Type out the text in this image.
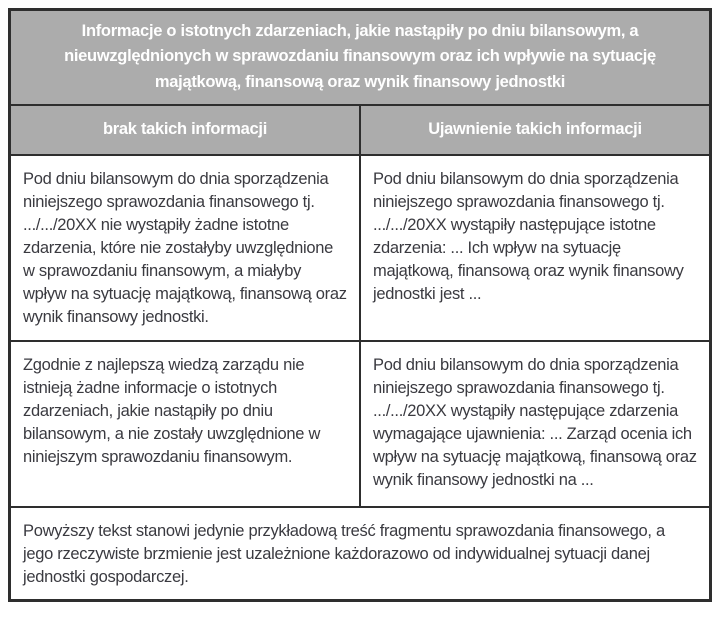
Informacje o istotnych zdarzeniach, jakie nastąpiły po dniu bilansowym, a nieuwzględnionych w sprawozdaniu finansowym oraz ich wpływie na sytuację majątkową, finansową oraz wynik finansowy jednostki	
brak takich informacji	Ujawnienie takich informacji
Pod dniu bilansowym do dnia sporządzenia niniejszego sprawozdania finansowego tj. .../.../20XX nie wystąpiły żadne istotne zdarzenia, które nie zostałyby uwzględnione w sprawozdaniu finansowym, a miałyby wpływ na sytuację majątkową, finansową oraz wynik finansowy jednostki.	Pod dniu bilansowym do dnia sporządzenia niniejszego sprawozdania finansowego tj. .../.../20XX wystąpiły następujące istotne zdarzenia: ... Ich wpływ na sytuację majątkową, finansową oraz wynik finansowy jednostki jest ...
Zgodnie z najlepszą wiedzą zarządu nie istnieją żadne informacje o istotnych zdarzeniach, jakie nastąpiły po dniu bilansowym, a nie zostały uwzględnione w niniejszym sprawozdaniu finansowym.	Pod dniu bilansowym do dnia sporządzenia niniejszego sprawozdania finansowego tj. .../.../20XX wystąpiły następujące zdarzenia wymagające ujawnienia: ... Zarząd ocenia ich wpływ na sytuację majątkową, finansową oraz wynik finansowy jednostki na ...
Powyższy tekst stanowi jedynie przykładową treść fragmentu sprawozdania finansowego, a jego rzeczywiste brzmienie jest uzależnione każdorazowo od indywidualnej sytuacji danej jednostki gospodarczej.	
